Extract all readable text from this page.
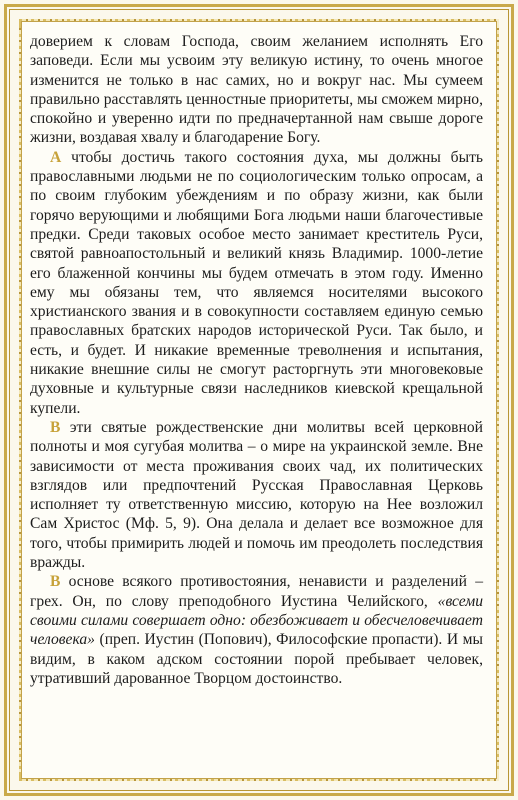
доверием к словам Господа, своим желанием исполнять Его заповеди. Если мы усвоим эту великую истину, то очень многое изменится не только в нас самих, но и вокруг нас. Мы сумеем правильно расставлять ценностные приоритеты, мы сможем мирно, спокойно и уверенно идти по предначертанной нам свыше дороге жизни, воздавая хвалу и благодарение Богу.

А чтобы достичь такого состояния духа, мы должны быть православными людьми не по социологическим только опросам, а по своим глубоким убеждениям и по образу жизни, как были горячо верующими и любящими Бога людьми наши благочестивые предки. Среди таковых особое место занимает креститель Руси, святой равноапостольный и великий князь Владимир. 1000-летие его блаженной кончины мы будем отмечать в этом году. Именно ему мы обязаны тем, что являемся носителями высокого христианского звания и в совокупности составляем единую семью православных братских народов исторической Руси. Так было, и есть, и будет. И никакие временные треволнения и испытания, никакие внешние силы не смогут расторгнуть эти многовековые духовные и культурные связи наследников киевской крещальной купели.

В эти святые рождественские дни молитвы всей церковной полноты и моя сугубая молитва – о мире на украинской земле. Вне зависимости от места проживания своих чад, их политических взглядов или предпочтений Русская Православная Церковь исполняет ту ответственную миссию, которую на Нее возложил Сам Христос (Мф. 5, 9). Она делала и делает все возможное для того, чтобы примирить людей и помочь им преодолеть последствия вражды.

В основе всякого противостояния, ненависти и разделений – грех. Он, по слову преподобного Иустина Челийского, «всеми своими силами совершает одно: обезбоживает и обесчеловечивает человека» (преп. Иустин (Попович), Философские пропасти). И мы видим, в каком адском состоянии порой пребывает человек, утративший дарованное Творцом достоинство.
